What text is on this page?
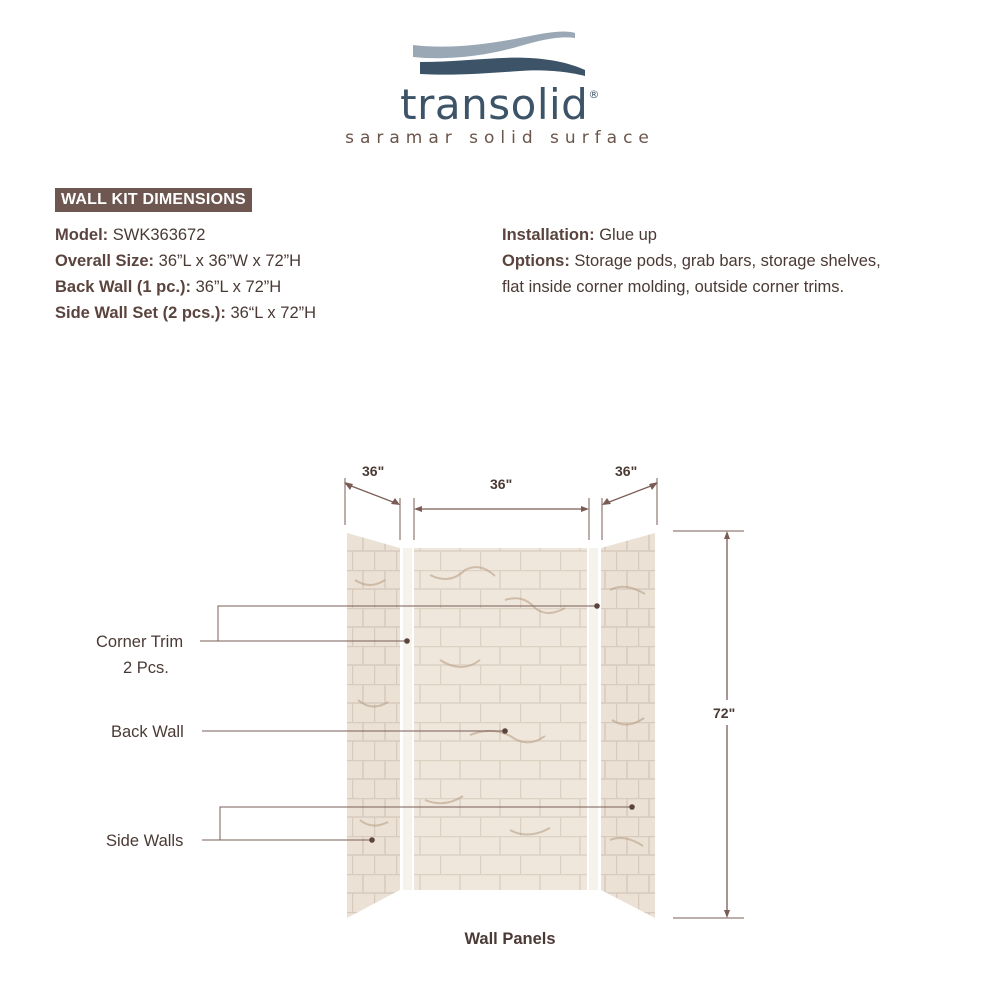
transolid®
saramar solid surface
WALL KIT DIMENSIONS
Model: SWK363672
Overall Size: 36”L x 36”W x 72”H
Back Wall (1 pc.): 36”L x 72”H
Side Wall Set (2 pcs.): 36“L x 72”H
Installation: Glue up
Options: Storage pods, grab bars, storage shelves, flat inside corner molding, outside corner trims.
36"
36"
36"
72"
Corner Trim
2 Pcs.
Back Wall
Side Walls
Wall Panels
